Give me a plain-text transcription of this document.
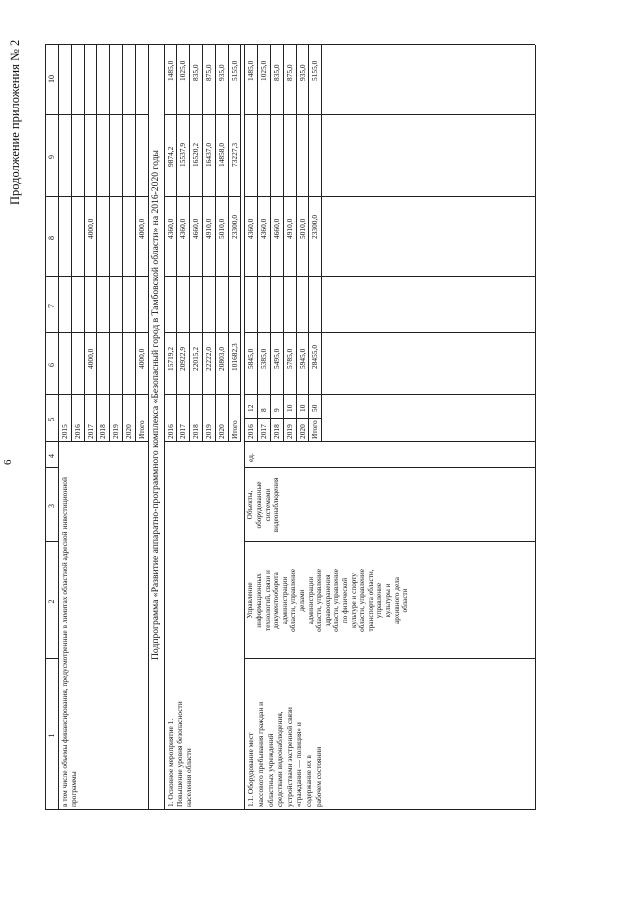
6
Продолжение приложения № 2
1
2
3
4
5
6
7
8
9
10
в том числе объемы финансирования, предусмотренные в лимитах областной адресной инвестиционной программы
2015 2016 2017
4000,0
4000,0
2018 2019 2020 Итого
4000,0
4000,0 Подпрограмма «Развитие аппаратно-программного комплекса «Безопасный город в Тамбовской области» на 2016-2020 годы
1. Основное мероприятие 1. Повышение уровня безопасности населения области
2016
15719,2
4360,0
9874,2
1485,0
2017
20922,9
4360,0
15537,9
1025,0
2018
22015,2
4660,0
16520,2
835,0
2019
22222,0
4910,0
16437,0
875,0
2020
20803,0
5010,0
14858,0
935,0
Итого
101682,3
23300,0
73227,3
5155,0
1.1. Оборудование мест массового пребывания граждан и областных учреждений средствами видеонаблюдения, устройствами экстренной связи «гражданин — полиция» и содержание их в рабочем состоянии
Управление информационных технологий, связи и документооборота администрации области, управление делами администрации области, управление здравоохранения области, управление по физической культуре и спорту области, управление транспорта области, управление культуры и архивного дела области
Объекты, оборудованные системами видеонаблюдения
ед.
2016
12
5845,0
4360,0
1485,0
2017
8
5385,0
4360,0
1025,0
2018
9
5495,0
4660,0
835,0
2019
10
5785,0
4910,0
875,0
2020
10
5945,0
5010,0
935,0
Итого
50
28455,0
23300,0
5155,0
